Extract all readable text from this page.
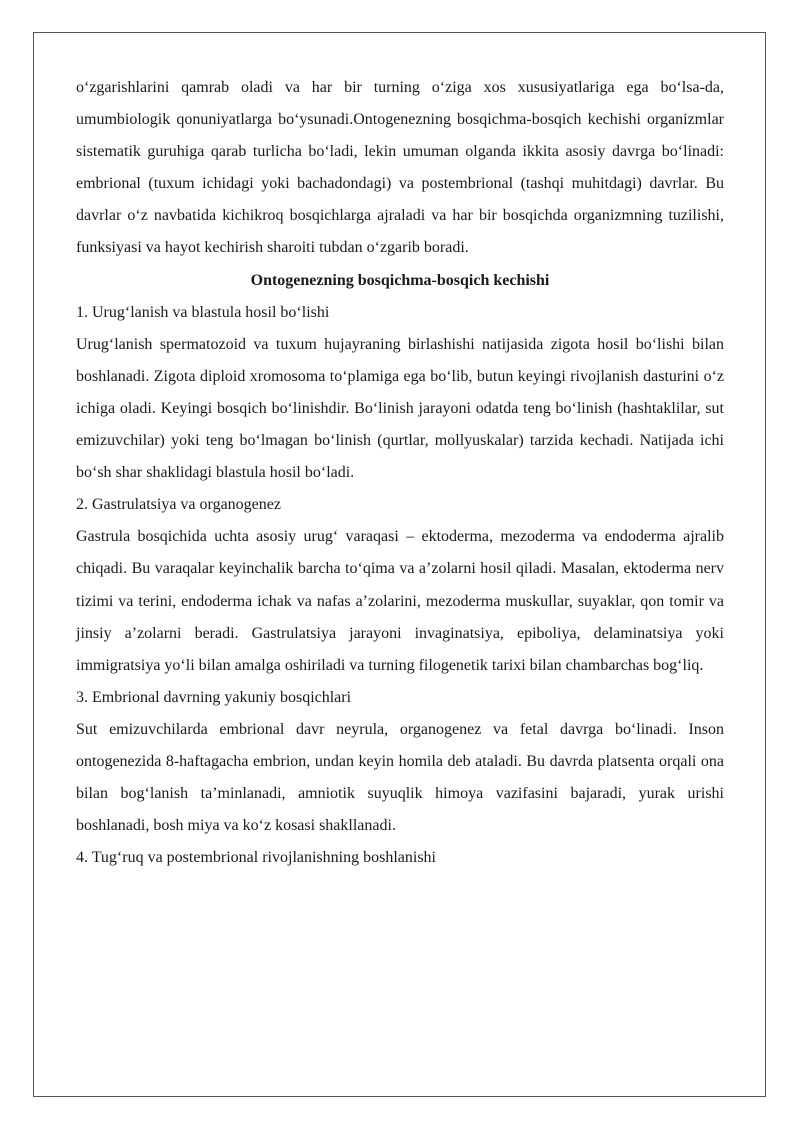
o‘zgarishlarini qamrab oladi va har bir turning o‘ziga xos xususiyatlariga ega bo‘lsa-da, umumbiologik qonuniyatlarga bo‘ysunadi.Ontogenezning bosqichma-bosqich kechishi organizmlar sistematik guruhiga qarab turlicha bo‘ladi, lekin umuman olganda ikkita asosiy davrga bo‘linadi: embrional (tuxum ichidagi yoki bachadondagi) va postembrional (tashqi muhitdagi) davrlar. Bu davrlar o‘z navbatida kichikroq bosqichlarga ajraladi va har bir bosqichda organizmning tuzilishi, funksiyasi va hayot kechirish sharoiti tubdan o‘zgarib boradi.

Ontogenezning bosqichma-bosqich kechishi

1. Urug‘lanish va blastula hosil bo‘lishi

Urug‘lanish spermatozoid va tuxum hujayraning birlashishi natijasida zigota hosil bo‘lishi bilan boshlanadi. Zigota diploid xromosoma to‘plamiga ega bo‘lib, butun keyingi rivojlanish dasturini o‘z ichiga oladi. Keyingi bosqich bo‘linishdir. Bo‘linish jarayoni odatda teng bo‘linish (hashtaklilar, sut emizuvchilar) yoki teng bo‘lmagan bo‘linish (qurtlar, mollyuskalar) tarzida kechadi. Natijada ichi bo‘sh shar shaklidagi blastula hosil bo‘ladi.

2. Gastrulatsiya va organogenez

Gastrula bosqichida uchta asosiy urug‘ varaqasi – ektoderma, mezoderma va endoderma ajralib chiqadi. Bu varaqalar keyinchalik barcha to‘qima va a’zolarni hosil qiladi. Masalan, ektoderma nerv tizimi va terini, endoderma ichak va nafas a’zolarini, mezoderma muskullar, suyaklar, qon tomir va jinsiy a’zolarni beradi. Gastrulatsiya jarayoni invaginatsiya, epiboliya, delaminatsiya yoki immigratsiya yo‘li bilan amalga oshiriladi va turning filogenetik tarixi bilan chambarchas bog‘liq.

3. Embrional davrning yakuniy bosqichlari

Sut emizuvchilarda embrional davr neyrula, organogenez va fetal davrga bo‘linadi. Inson ontogenezida 8-haftagacha embrion, undan keyin homila deb ataladi. Bu davrda platsenta orqali ona bilan bog‘lanish ta’minlanadi, amniotik suyuqlik himoya vazifasini bajaradi, yurak urishi boshlanadi, bosh miya va ko‘z kosasi shakllanadi.

4. Tug‘ruq va postembrional rivojlanishning boshlanishi
